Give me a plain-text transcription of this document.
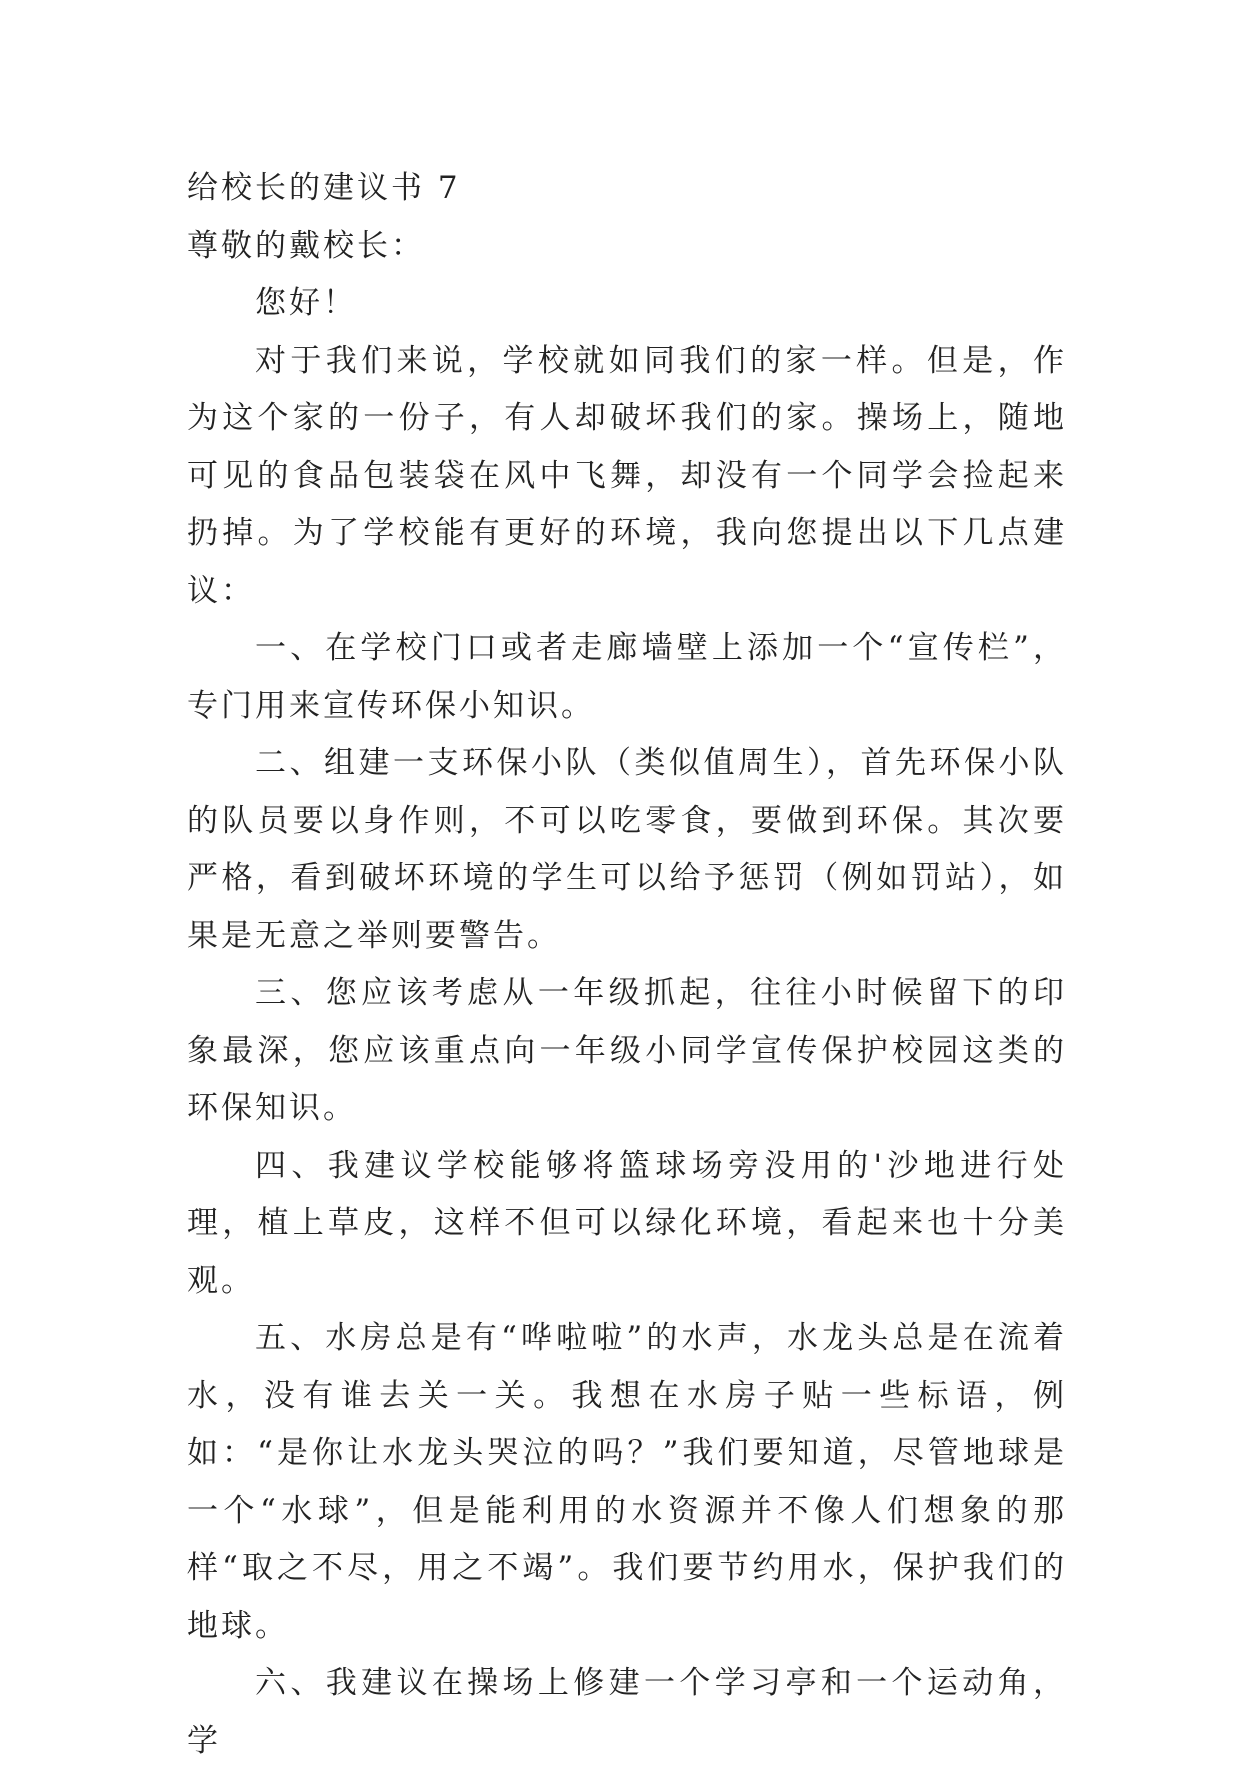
给校长的建议书 7

尊敬的戴校长：

您好！

对于我们来说，学校就如同我们的家一样。但是，作为这个家的一份子，有人却破坏我们的家。操场上，随地可见的食品包装袋在风中飞舞，却没有一个同学会捡起来扔掉。为了学校能有更好的环境，我向您提出以下几点建议：

一、在学校门口或者走廊墙壁上添加一个“宣传栏”，专门用来宣传环保小知识。

二、组建一支环保小队（类似值周生），首先环保小队的队员要以身作则，不可以吃零食，要做到环保。其次要严格，看到破坏环境的学生可以给予惩罚（例如罚站），如果是无意之举则要警告。

三、您应该考虑从一年级抓起，往往小时候留下的印象最深，您应该重点向一年级小同学宣传保护校园这类的环保知识。

四、我建议学校能够将篮球场旁没用的'沙地进行处理，植上草皮，这样不但可以绿化环境，看起来也十分美观。

五、水房总是有“哗啦啦”的水声，水龙头总是在流着水，没有谁去关一关。我想在水房子贴一些标语，例如：“是你让水龙头哭泣的吗？”我们要知道，尽管地球是一个“水球”，但是能利用的水资源并不像人们想象的那样“取之不尽，用之不竭”。我们要节约用水，保护我们的地球。

六、我建议在操场上修建一个学习亭和一个运动角，学
